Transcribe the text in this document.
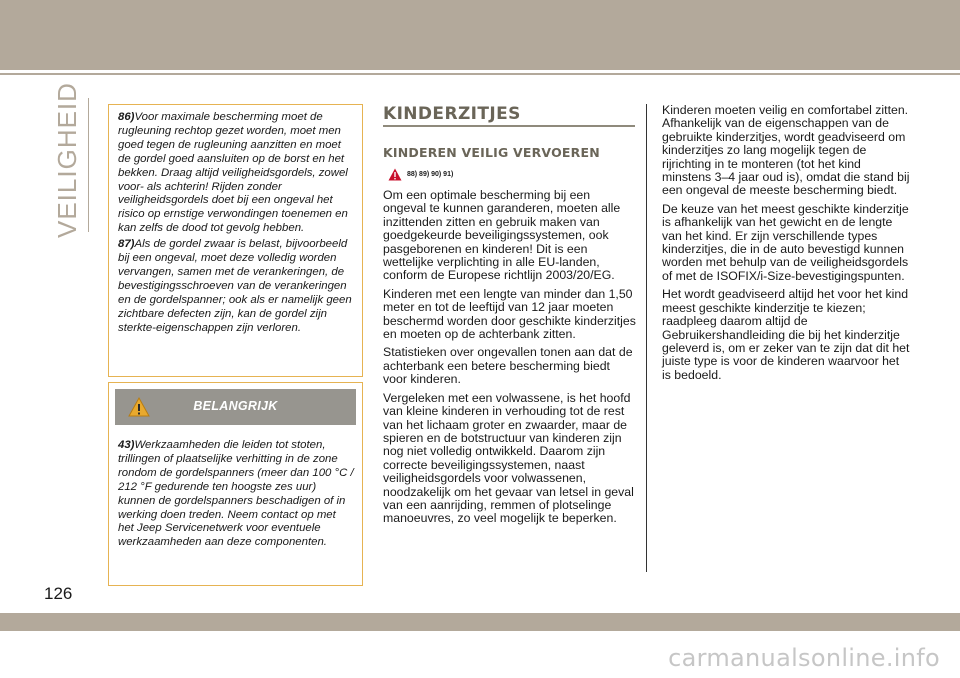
VEILIGHEID	86)Voor maximale bescherming moet de rugleuning rechtop gezet worden, moet men goed tegen de rugleuning aanzitten en moet de gordel goed aansluiten op de borst en het bekken. Draag altijd veiligheidsgordels, zowel voor- als achterin! Rijden zonder veiligheidsgordels doet bij een ongeval het risico op ernstige verwondingen toenemen en kan zelfs de dood tot gevolg hebben.

87)Als de gordel zwaar is belast, bijvoorbeeld bij een ongeval, moet deze volledig worden vervangen, samen met de verankeringen, de bevestigingsschroeven van de verankeringen en de gordelspanner; ook als er namelijk geen zichtbare defecten zijn, kan de gordel zijn sterkte-eigenschappen zijn verloren.

BELANGRIJK

43)Werkzaamheden die leiden tot stoten, trillingen of plaatselijke verhitting in de zone rondom de gordelspanners (meer dan 100 °C / 212 °F gedurende ten hoogste zes uur) kunnen de gordelspanners beschadigen of in werking doen treden. Neem contact op met het Jeep Servicenetwerk voor eventuele werkzaamheden aan deze componenten.

KINDERZITJES
KINDEREN VEILIG VERVOEREN
88) 89) 90) 91)

Om een optimale bescherming bij een ongeval te kunnen garanderen, moeten alle inzittenden zitten en gebruik maken van goedgekeurde beveiligingssystemen, ook pasgeborenen en kinderen! Dit is een wettelijke verplichting in alle EU-landen, conform de Europese richtlijn 2003/20/EG.

Kinderen met een lengte van minder dan 1,50 meter en tot de leeftijd van 12 jaar moeten beschermd worden door geschikte kinderzitjes en moeten op de achterbank zitten.

Statistieken over ongevallen tonen aan dat de achterbank een betere bescherming biedt voor kinderen.

Vergeleken met een volwassene, is het hoofd van kleine kinderen in verhouding tot de rest van het lichaam groter en zwaarder, maar de spieren en de botstructuur van kinderen zijn nog niet volledig ontwikkeld. Daarom zijn correcte beveiligingssystemen, naast veiligheidsgordels voor volwassenen, noodzakelijk om het gevaar van letsel in geval van een aanrijding, remmen of plotselinge manoeuvres, zo veel mogelijk te beperken.

Kinderen moeten veilig en comfortabel zitten. Afhankelijk van de eigenschappen van de gebruikte kinderzitjes, wordt geadviseerd om kinderzitjes zo lang mogelijk tegen de rijrichting in te monteren (tot het kind minstens 3–4 jaar oud is), omdat die stand bij een ongeval de meeste bescherming biedt.

De keuze van het meest geschikte kinderzitje is afhankelijk van het gewicht en de lengte van het kind. Er zijn verschillende types kinderzitjes, die in de auto bevestigd kunnen worden met behulp van de veiligheidsgordels of met de ISOFIX/i-Size-bevestigingspunten.

Het wordt geadviseerd altijd het voor het kind meest geschikte kinderzitje te kiezen; raadpleeg daarom altijd de Gebruikershandleiding die bij het kinderzitje geleverd is, om er zeker van te zijn dat dit het juiste type is voor de kinderen waarvoor het is bedoeld.

126
carmanualsonline.info
